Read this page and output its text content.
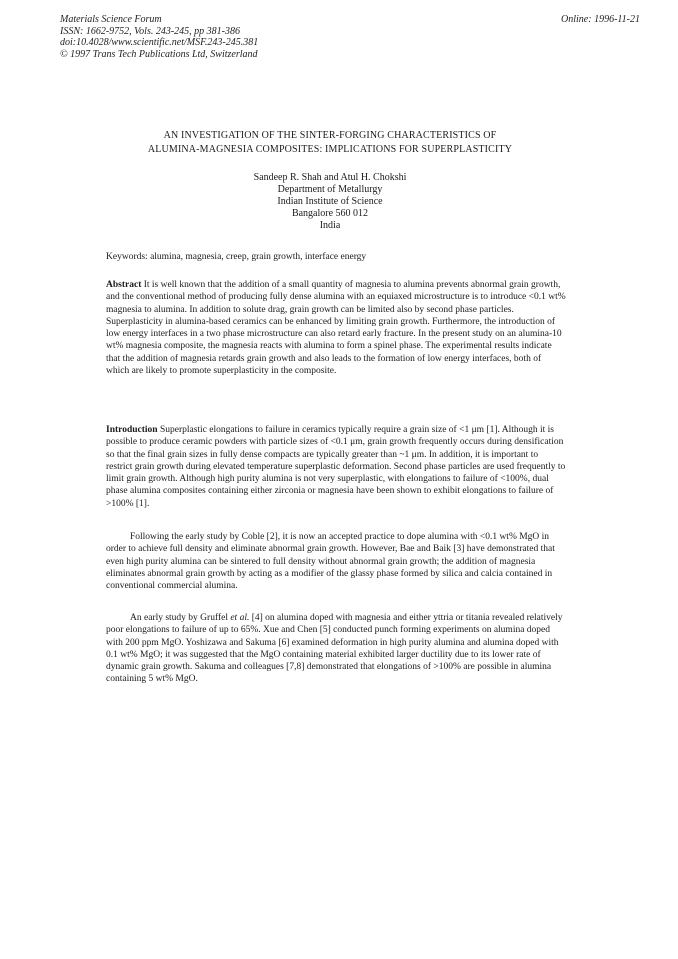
Materials Science Forum
ISSN: 1662-9752, Vols. 243-245, pp 381-386
doi:10.4028/www.scientific.net/MSF.243-245.381
© 1997 Trans Tech Publications Ltd, Switzerland
Online: 1996-11-21
AN INVESTIGATION OF THE SINTER-FORGING CHARACTERISTICS OF
ALUMINA-MAGNESIA COMPOSITES: IMPLICATIONS FOR SUPERPLASTICITY
Sandeep R. Shah and Atul H. Chokshi
Department of Metallurgy
Indian Institute of Science
Bangalore 560 012
India
Keywords: alumina, magnesia, creep, grain growth, interface energy
Abstract It is well known that the addition of a small quantity of magnesia to alumina prevents abnormal grain growth, and the conventional method of producing fully dense alumina with an equiaxed microstructure is to introduce <0.1 wt% magnesia to alumina. In addition to solute drag, grain growth can be limited also by second phase particles. Superplasticity in alumina-based ceramics can be enhanced by limiting grain growth. Furthermore, the introduction of low energy interfaces in a two phase microstructure can also retard early fracture. In the present study on an alumina-10 wt% magnesia composite, the magnesia reacts with alumina to form a spinel phase. The experimental results indicate that the addition of magnesia retards grain growth and also leads to the formation of low energy interfaces, both of which are likely to promote superplasticity in the composite.
Introduction Superplastic elongations to failure in ceramics typically require a grain size of <1 μm [1]. Although it is possible to produce ceramic powders with particle sizes of <0.1 μm, grain growth frequently occurs during densification so that the final grain sizes in fully dense compacts are typically greater than ~1 μm. In addition, it is important to restrict grain growth during elevated temperature superplastic deformation. Second phase particles are used frequently to limit grain growth. Although high purity alumina is not very superplastic, with elongations to failure of <100%, dual phase alumina composites containing either zirconia or magnesia have been shown to exhibit elongations to failure of >100% [1].
Following the early study by Coble [2], it is now an accepted practice to dope alumina with <0.1 wt% MgO in order to achieve full density and eliminate abnormal grain growth. However, Bae and Baik [3] have demonstrated that even high purity alumina can be sintered to full density without abnormal grain growth; the addition of magnesia eliminates abnormal grain growth by acting as a modifier of the glassy phase formed by silica and calcia contained in conventional commercial alumina.
An early study by Gruffel et al. [4] on alumina doped with magnesia and either yttria or titania revealed relatively poor elongations to failure of up to 65%. Xue and Chen [5] conducted punch forming experiments on alumina doped with 200 ppm MgO. Yoshizawa and Sakuma [6] examined deformation in high purity alumina and alumina doped with 0.1 wt% MgO; it was suggested that the MgO containing material exhibited larger ductility due to its lower rate of dynamic grain growth. Sakuma and colleagues [7,8] demonstrated that elongations of >100% are possible in alumina containing 5 wt% MgO.
